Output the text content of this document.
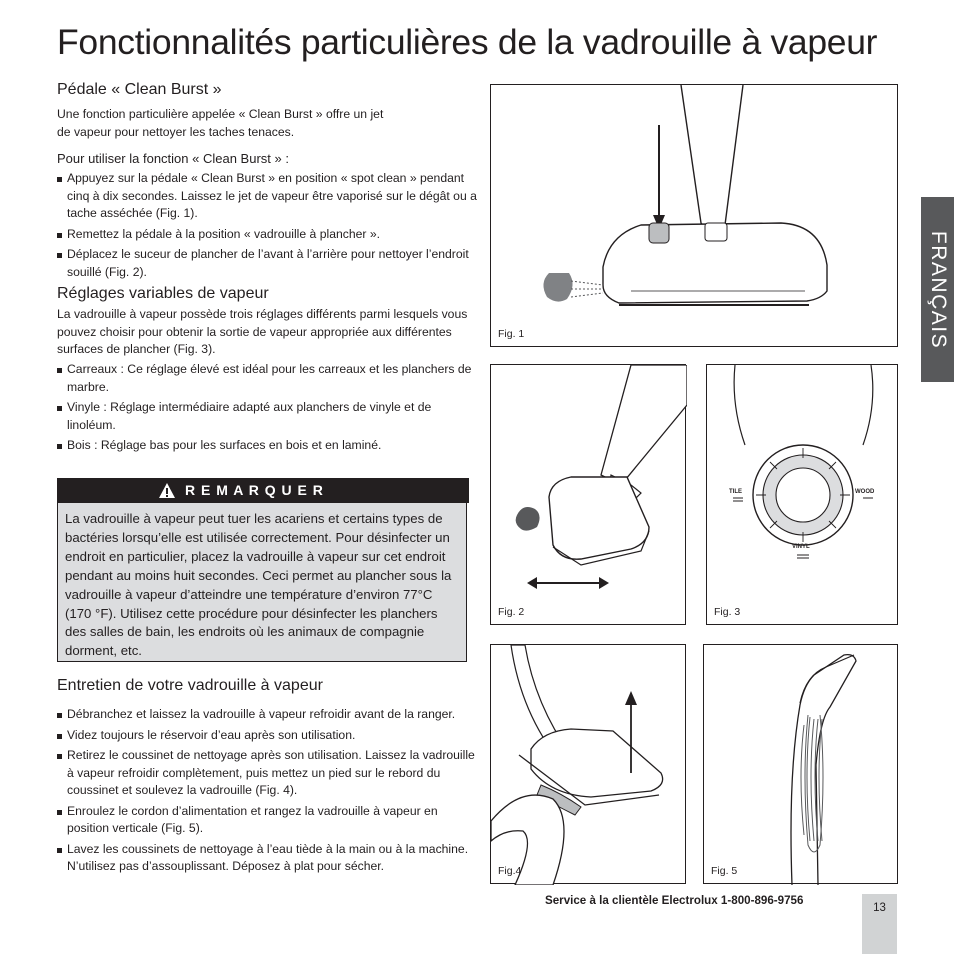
Fonctionnalités particulières de la vadrouille à vapeur
FRANÇAIS
Pédale « Clean Burst »
Une fonction particulière appelée « Clean Burst » offre un jet
de vapeur pour nettoyer les taches tenaces.
Pour utiliser la fonction « Clean Burst » :
Appuyez sur la pédale « Clean Burst » en position « spot clean » pendant cinq à dix secondes. Laissez le jet de vapeur être vaporisé sur le dégât ou a tache asséchée (Fig. 1).
Remettez la pédale à la position « vadrouille à plancher ».
Déplacez le suceur de plancher de l’avant à l’arrière pour nettoyer l’endroit souillé (Fig. 2).
Réglages variables de vapeur
La vadrouille à vapeur possède trois réglages différents parmi lesquels vous pouvez choisir pour obtenir la sortie de vapeur appropriée aux différentes surfaces de plancher (Fig. 3).
Carreaux : Ce réglage élevé est idéal pour les carreaux et les planchers de marbre.
Vinyle : Réglage intermédiaire adapté aux planchers de vinyle et de linoléum.
Bois : Réglage bas pour les surfaces en bois et en laminé.
R E M A R Q U E R
La vadrouille à vapeur peut tuer les acariens et certains types de bactéries lorsqu’elle est utilisée correctement. Pour désinfecter un endroit en particulier, placez la vadrouille à vapeur sur cet endroit pendant au moins huit secondes. Ceci permet au plancher sous la vadrouille à vapeur d’atteindre une température d’environ 77°C (170 °F). Utilisez cette procédure pour désinfecter les planchers des salles de bain, les endroits où les animaux de compagnie dorment, etc.
Entretien de votre vadrouille à vapeur
Débranchez et laissez la vadrouille à vapeur refroidir avant de la ranger.
Videz toujours le réservoir d’eau après son utilisation.
Retirez le coussinet de nettoyage après son utilisation. Laissez la vadrouille à vapeur refroidir complètement, puis mettez un pied sur le rebord du coussinet et soulevez la vadrouille (Fig. 4).
Enroulez le cordon d’alimentation et rangez la vadrouille à vapeur en position verticale (Fig. 5).
Lavez les coussinets de nettoyage à l’eau tiède à la main ou à la machine. N’utilisez pas d’assouplissant. Déposez à plat pour sécher.
Fig. 1
Fig. 2
TILE	WOOD
VINYL
Fig. 3
Fig.4	Fig. 5
Service à la clientèle Electrolux 1-800-896-9756
13
